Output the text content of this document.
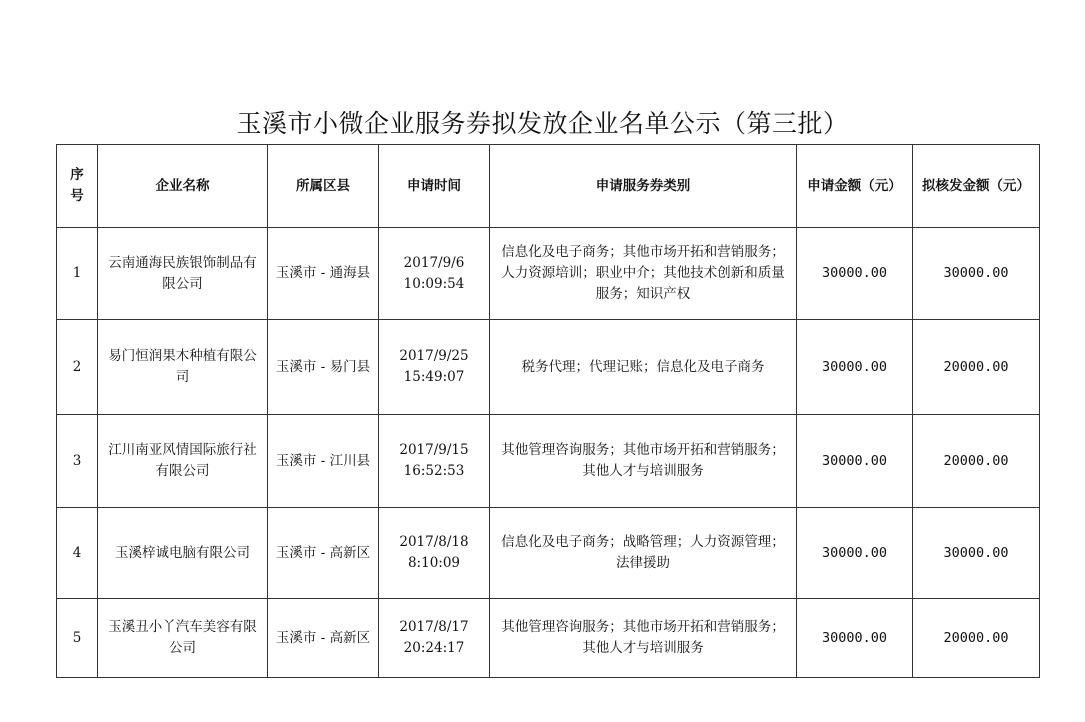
玉溪市小微企业服务券拟发放企业名单公示（第三批）
序号	企业名称	所属区县	申请时间	申请服务券类别	申请金额（元）	拟核发金额（元）
1	云南通海民族银饰制品有限公司	玉溪市 - 通海县	2017/9/6 10:09:54	信息化及电子商务；其他市场开拓和营销服务；人力资源培训；职业中介；其他技术创新和质量服务；知识产权	30000.00	30000.00
2	易门恒润果木种植有限公司	玉溪市 - 易门县	2017/9/25 15:49:07	税务代理；代理记账；信息化及电子商务	30000.00	20000.00
3	江川南亚风情国际旅行社有限公司	玉溪市 - 江川县	2017/9/15 16:52:53	其他管理咨询服务；其他市场开拓和营销服务；其他人才与培训服务	30000.00	20000.00
4	玉溪梓诚电脑有限公司	玉溪市 - 高新区	2017/8/18 8:10:09	信息化及电子商务；战略管理；人力资源管理；法律援助	30000.00	30000.00
5	玉溪丑小丫汽车美容有限公司	玉溪市 - 高新区	2017/8/17 20:24:17	其他管理咨询服务；其他市场开拓和营销服务；其他人才与培训服务	30000.00	20000.00
